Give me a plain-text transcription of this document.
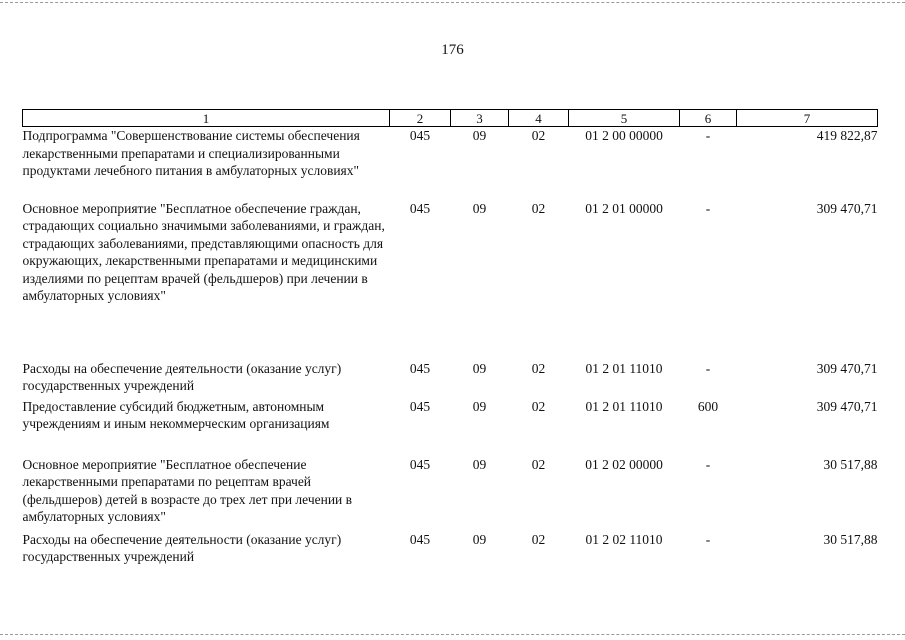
176
1	2	3	4	5	6	7
Подпрограмма "Совершенствование системы обеспечения лекарственными препаратами и специализированными продуктами лечебного питания в амбулаторных условиях"	045	09	02	01 2 00 00000	-	419 822,87
Основное мероприятие "Бесплатное обеспечение граждан, страдающих социально значимыми заболеваниями, и граждан, страдающих заболеваниями, представляющими опасность для окружающих, лекарственными препаратами и медицинскими изделиями по рецептам врачей (фельдшеров) при лечении в амбулаторных условиях"	045	09	02	01 2 01 00000	-	309 470,71
Расходы на обеспечение деятельности (оказание услуг) государственных учреждений	045	09	02	01 2 01 11010	-	309 470,71
Предоставление субсидий бюджетным, автономным учреждениям и иным некоммерческим организациям	045	09	02	01 2 01 11010	600	309 470,71
Основное мероприятие "Бесплатное обеспечение лекарственными препаратами по рецептам врачей (фельдшеров) детей в возрасте до трех лет при лечении в амбулаторных условиях"	045	09	02	01 2 02 00000	-	30 517,88
Расходы на обеспечение деятельности (оказание услуг) государственных учреждений	045	09	02	01 2 02 11010	-	30 517,88
